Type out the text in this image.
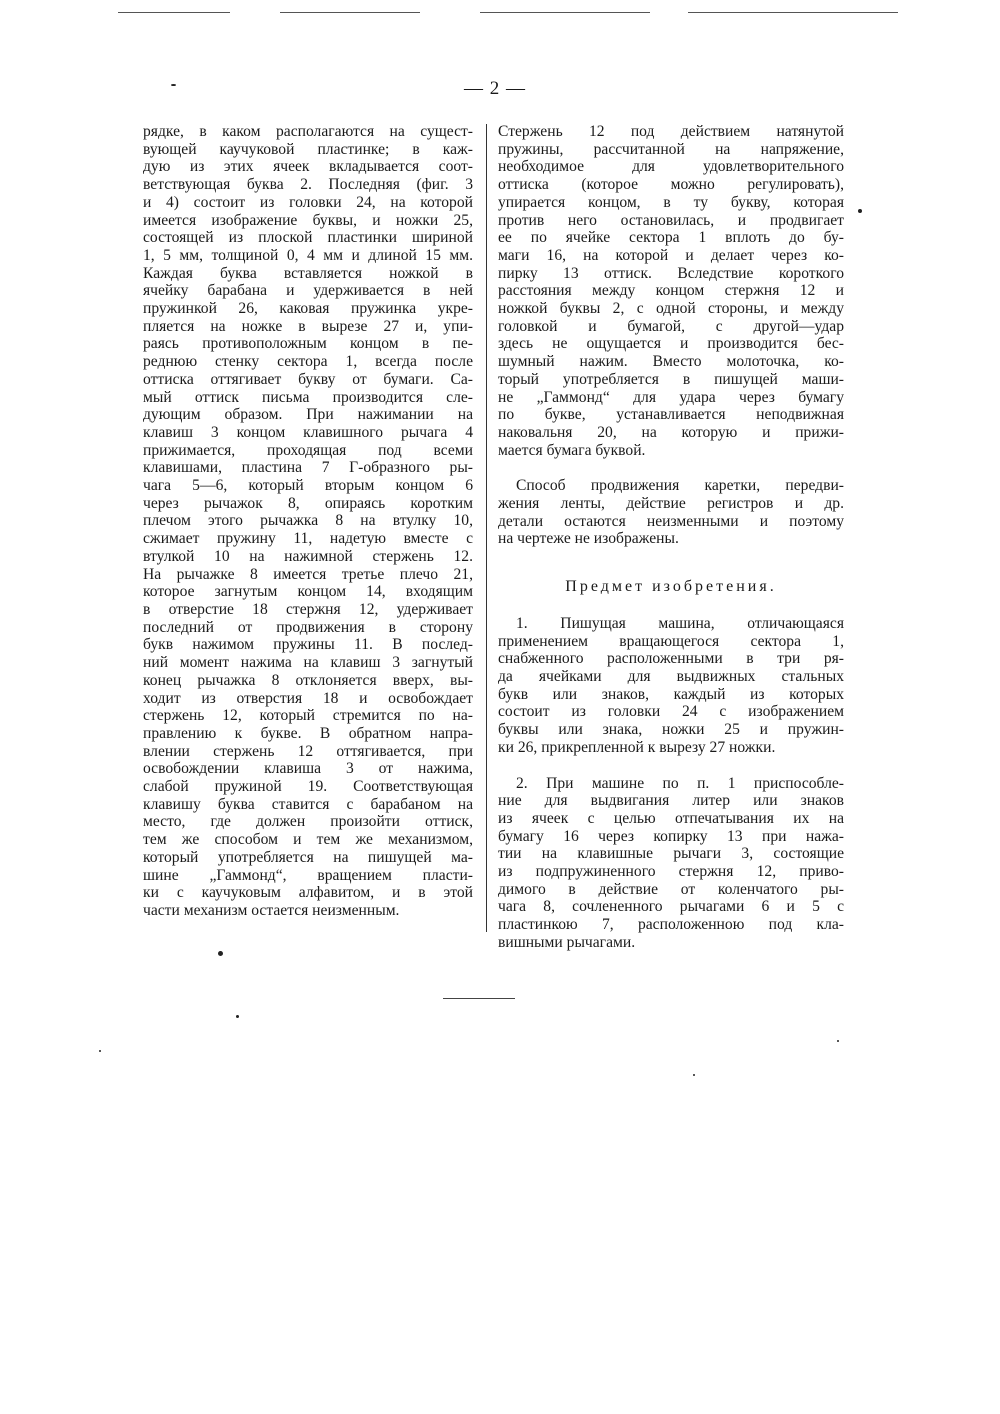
— 2 —
рядке, в каком располагаются на сущест-
вующей каучуковой пластинке; в каж-
дую из этих ячеек вкладывается соот-
ветствующая буква 2. Последняя (фиг. 3
и 4) состоит из головки 24, на которой
имеется изображение буквы, и ножки 25,
состоящей из плоской пластинки шириной
1, 5 мм, толщиной 0, 4 мм и длиной 15 мм.
Каждая буква вставляется ножкой в
ячейку барабана и удерживается в ней
пружинкой 26, каковая пружинка укре-
пляется на ножке в вырезе 27 и, упи-
раясь противоположным концом в пе-
реднюю стенку сектора 1, всегда после
оттиска оттягивает букву от бумаги. Са-
мый оттиск письма производится сле-
дующим образом. При нажимании на
клавиш 3 концом клавишного рычага 4
прижимается, проходящая под всеми
клавишами, пластина 7 Г-образного ры-
чага 5—6, который вторым концом 6
через рычажок 8, опираясь коротким
плечом этого рычажка 8 на втулку 10,
сжимает пружину 11, надетую вместе с
втулкой 10 на нажимной стержень 12.
На рычажке 8 имеется третье плечо 21,
которое загнутым концом 14, входящим
в отверстие 18 стержня 12, удерживает
последний от продвижения в сторону
букв нажимом пружины 11. В послед-
ний момент нажима на клавиш 3 загнутый
конец рычажка 8 отклоняется вверх, вы-
ходит из отверстия 18 и освобождает
стержень 12, который стремится по на-
правлению к букве. В обратном напра-
влении стержень 12 оттягивается, при
освобождении клавиша 3 от нажима,
слабой пружиной 19. Соответствующая
клавишу буква ставится с барабаном на
место, где должен произойти оттиск,
тем же способом и тем же механизмом,
который употребляется на пишущей ма-
шине „Гаммонд“, вращением пласти-
ки с каучуковым алфавитом, и в этой
части механизм остается неизменным.
Стержень 12 под действием натянутой
пружины, рассчитанной на напряжение,
необходимое для удовлетворительного
оттиска (которое можно регулировать),
упирается концом, в ту букву, которая
против него остановилась, и продвигает
ее по ячейке сектора 1 вплоть до бу-
маги 16, на которой и делает через ко-
пирку 13 оттиск. Вследствие короткого
расстояния между концом стержня 12 и
ножкой буквы 2, с одной стороны, и между
головкой и бумагой, с другой—удар
здесь не ощущается и производится бес-
шумный нажим. Вместо молоточка, ко-
торый употребляется в пишущей маши-
не „Гаммонд“ для удара через бумагу
по букве, устанавливается неподвижная
наковальня 20, на которую и прижи-
мается бумага буквой.
Способ продвижения каретки, передви-
жения ленты, действие регистров и др.
детали остаются неизменными и поэтому
на чертеже не изображены.
Предмет изобретения.
1. Пишущая машина, отличающаяся
применением вращающегося сектора 1,
снабженного расположенными в три ря-
да ячейками для выдвижных стальных
букв или знаков, каждый из которых
состоит из головки 24 с изображением
буквы или знака, ножки 25 и пружин-
ки 26, прикрепленной к вырезу 27 ножки.
2. При машине по п. 1 приспособле-
ние для выдвигания литер или знаков
из ячеек с целью отпечатывания их на
бумагу 16 через копирку 13 при нажа-
тии на клавишные рычаги 3, состоящие
из подпружиненного стержня 12, приво-
димого в действие от коленчатого ры-
чага 8, сочлененного рычагами 6 и 5 с
пластинкою 7, расположенною под кла-
вишными рычагами.
